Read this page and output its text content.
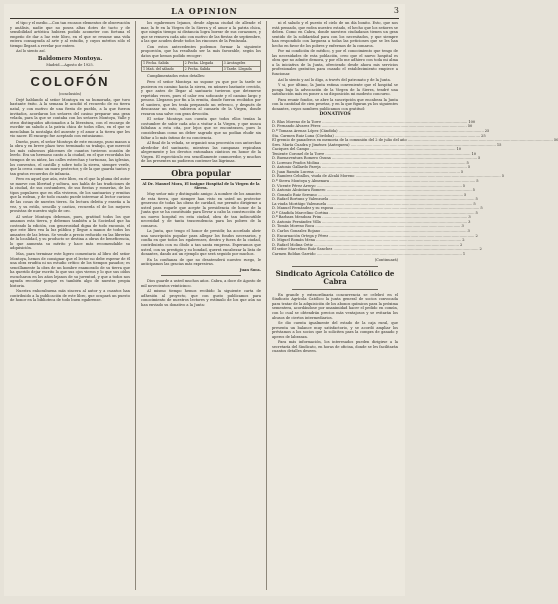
LA OPINION	3

el tipo y el medio.—Con tan escasos elementos de observación y análisis, nadie que no posea altas dotes de tacto y de sensibilidad artística hubiera podido acometer con fortuna el empeño de dar a luz este libro, en el que se resume una vida entera consagrada al arte y al estudio, y cuyos méritos sólo el tiempo llegará a revelar por entero.

Así lo siento así.

Baldomero Montoya.

Madrid.—Agosto de 1925.

COLOFÓN

(conclusión)

Dejé hablando al señor Montoya en su humorada, que tuvo bastante éxito. A la semana le acudió el recuerdo de su tierra natal, y con motivo de una fiesta de pueblo, a la que fueron invitados, acordaron los señores del casino preparar una gran velada, para la que se contaba con los señores Montoya, Valle y otros distinguidos aficionados a la literatura, con el encargo de escribir un saludo a la patria chica de todos ellos, en el que se mezclaban la nostalgia del ausente y el amor a la tierra que les vio nacer. El encargo fue aceptado con entusiasmo.

Dueño, pues, el señor Montoya de este encargo, puso manos a la obra y en breve plazo tuvo terminado su trabajo, que mereció los más calurosos plácemes de cuantos tuvieron ocasión de leerlo. Era un hermoso canto a la ciudad, en el que recordaba los tiempos de su niñez, las calles estrechas y tortuosas, las iglesias, los conventos, el castillo y sobre todo la sierra, siempre verde, que la cerca como un muro protector, y de la que guarda tantos y tan gratos recuerdos de infancia.

Pero en aquel que aún, este libro, en el que la pluma del autor se mueve con libertad y soltura, nos habla de las tradiciones de la ciudad, de sus costumbres, de sus fiestas y romerías, de los tipos populares que en ella vivieron, de los santuarios y ermitas que la rodean, y de todo cuanto puede interesar al lector curioso de las cosas de nuestra tierra. Su lectura deleita y enseña a la vez, y su estilo, sencillo y castizo, recuerda el de los mejores prosistas de nuestro siglo de oro.

Al señor Montoya debemos, pues, gratitud todos los que amamos esta tierra, y debemos también a la Sociedad que ha costeado la edición, con generosidad digna de todo encomio, el que este libro vea la luz pública y llegue a manos de todos los amantes de las letras. Se vende a precio reducido en las librerías de la localidad, y su producto se destina a obras de beneficencia, lo que aumenta su mérito y hace más recomendable su adquisición.

Mas, para terminar este ligero comentario al libro del señor Montoya, hemos de consignar que el lector no debe esperar de él una obra erudita ni un estudio crítico de los tiempos pasados; es sencillamente la obra de un hombre enamorado de su tierra que ha querido dejar escrito lo que sus ojos vieron y lo que sus oídos escucharon en los años lejanos de su juventud, y que a todos nos agrada recordar porque es también algo de nuestra propia historia.

Nuestra enhorabuena más sincera al autor y a cuantos han contribuido a la publicación de este libro, que ocupará un puesto de honor en la biblioteca de todo buen egabrense.

los egabrenses lejanos, desde alguna ciudad de allende el mar, la fe en la Virgen de la Sierra y el amor a la patria chica, que ningún tiempo ni distancia logra borrar de sus corazones, y que se renueva cada año con motivo de las fiestas de septiembre, a las que acuden desde todos los rincones de la Península.

Con estos antecedentes podemos formar la siguiente proporción, que ha resultado ser la más favorable, según los datos que hemos podido recoger:

1 Fecha. Salida	2 Fecha. Llegada	3 Arcángeles
1 Mañ. del sábado	2 Fecha. Salida	3 Tarde. Llegada

Cumplimentados estos detalles:

Pero el señor Montoya no supone ya que por la tarde se pusieron en camino hacia la sierra, en número bastante crecido, y que antes de llegar al santuario tuvieron que detenerse repetidas veces, pues el calor era sofocante y el camino largo y penoso. Llegaron por fin a la ermita, donde fueron recibidos por el santero, que les tenía preparado un refresco, y después de descansar un rato, subieron al camarín de la Virgen, donde rezaron una salve con gran devoción.

El señor Montoya nos cuenta que todos ellos tenían la costumbre de subir cada año a visitar a la Virgen, y que nunca faltaban a esta cita, por lejos que se encontrasen, pues lo consideraban como un deber sagrado que no podían eludir sin faltar a lo más íntimo de su conciencia.

Al final de la velada, se organizó una procesión con antorchas alrededor del santuario, mientras las campanas repicaban alegremente y los devotos entonaban cánticos en honor de la Virgen. El espectáculo era sencillamente conmovedor, y muchos de los presentes no pudieron contener las lágrimas.

Obra popular

Al Dr. Manuel Mora, El insigne Hospital de la Virgen de la Sierra.

Muy señor mío y distinguido amigo: A nombre de los amantes de esta tierra, que siempre han visto en usted un protector generoso de todas las obras de caridad, me permito dirigirme a usted para rogarle que acepte la presidencia de honor de la Junta que se ha constituido para llevar a cabo la construcción de un nuevo hospital en esta ciudad, obra de tan indiscutible necesidad y de tanta trascendencia para los pobres de la comarca.

La Junta, que tengo el honor de presidir, ha acordado abrir una suscripción popular para allegar los fondos necesarios, y confía en que todos los egabrenses, dentro y fuera de la ciudad, contribuirán con su óbolo a tan santa empresa. Esperamos que usted, con su prestigio y su bondad, querrá encabezar la lista de donantes, dando así un ejemplo que será seguido por muchos.

En la confianza de que no desatenderá nuestro ruego, le anticipamos las gracias más expresivas.

Juan Soca.

Dios guarde a usted muchos años. Cabra, a doce de Agosto de mil novecientos veinticinco.

Al mismo tiempo hemos recibido la siguiente carta de adhesión al proyecto, que con gusto publicamos para conocimiento de nuestros lectores y estímulo de los que aún no han enviado su donativo a la Junta:

ni el saludo y el puesto el cielo de un día bonito. Esto, que nos está pensado, que rodea nuestro estado, el hecho que los señores se deben. Como en Cabra, donde nuestros ciudadanos tienen un gran sentido de la solidaridad para con los necesitados, y que siempre han respondido con largueza a todas las peticiones que se les han hecho en favor de los pobres y enfermos de la comarca.

Por mi condición de médico, y por el conocimiento que tengo de las necesidades de esta población, creo que el nuevo hospital es obra que no admite demora, y por ello me adhiero con toda mi alma a la iniciativa de la Junta, ofreciendo desde ahora mis servicios profesionales gratuitos para cuando el establecimiento empiece a funcionar.

Así lo siento y así lo digo, a través del patronato y de la Junta.

Y si, por último, la Junta estima conveniente que el hospital se ponga bajo la advocación de la Virgen de la Sierra, tendré una satisfacción más en poner a su disposición mi modesto concurso.

Para reunir fondos, se abre la suscripción que encabeza la Junta con la cantidad de cien pesetas, y en la que figuran ya los siguientes donantes, cuyos nombres publicamos con gratitud:

DONATIVOS
D. Blas Moreno de la Torre .....	100
D. Fernando Alvarez Pérez .....	50
D.ª Tomasa Arenas López (Cándida) .....	25
Sta. Carmen Ruiz Luna (Córdoba) .....	25
El gremio de panaderos en memoria de la comunión del 2 de julio del año .....	50
Sres. María Cuadra y Jiménez (Antequera) .....	15
Caciques del Campo .....	10
Teniente Coronel de la Torre .....	10
D. Buenaventura Romero Osuna .....	5
D. Lorenzo Prados Molina .....	5
D. Antonio Gallardo Pareja .....	5
D. Juan Ramón Lucena .....	5
D. Ramírez Ceballos, viuda de Alcalá Moreno .....	5
D.ª Sierra Montoya y Almenara .....	5
D. Vicente Pérez Arroyo .....	5
D. Antonio Alcántara Romero .....	5
D. Gonzalo Ruiz Serrano .....	5
D. Rafael Bortuns y Valenzuela .....	5
La viuda Moriñigo Valenzuela .....	5
D. Manuel Fernández y su esposa .....	5
D.ª Cándida Marcelino Cortina .....	5
D.ª Barbara Mendoza Prim .....	3
D. Antonio Fernández Villa .....	3
D. Tomás Moreno Roca .....	3
D. Carlos Gonzalez Rojano .....	3
D. Encarnación Ortega y Pérez .....	2
D. Miguel Román Mena .....	2
D. Rafael Molina Ortiz .....	2
El señor Marcelino Ruíz Sanchez .....	2
Carmen Roldan Garrido .....	1

(Continuará)

Sindicato Agrícola Católico de Cabra

En grande y extraordinaria concurrencia se celebró en el Sindicato Agrícola Católico la junta general de socios convocada para tratar de la adquisición de los abonos químicos para la próxima sementera, acordándose por unanimidad hacer el pedido en común, con lo cual se obtendrán precios más ventajosos y se evitarán los abusos de ciertos intermediarios.

Se dio cuenta igualmente del estado de la caja rural, que presenta un balance muy satisfactorio, y se acordó ampliar los préstamos a los socios que lo soliciten para la compra de ganado y aperos de labranza.

Para más información, los interesados pueden dirigirse a la secretaría del Sindicato, en horas de oficina, donde se les facilitarán cuantos detalles deseen.
